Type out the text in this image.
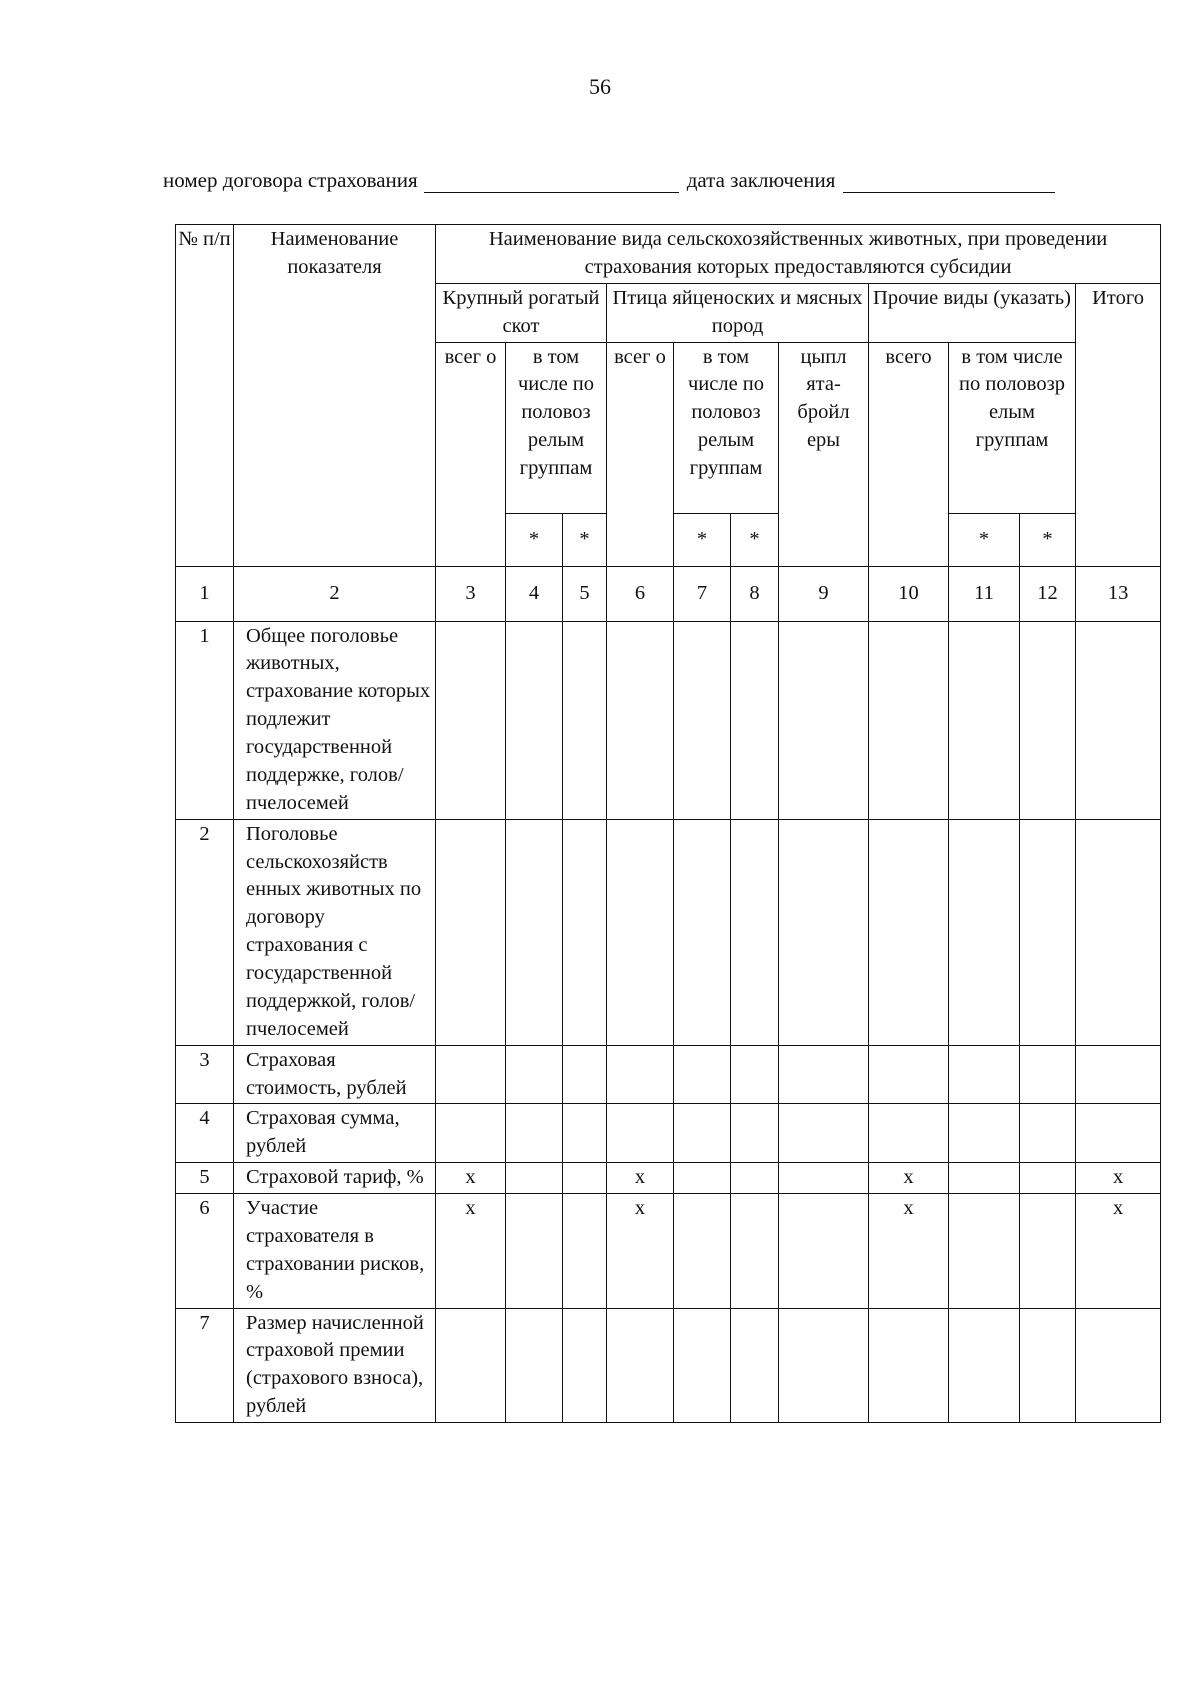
56
номер договора страхования	дата заключения
№ п/п	Наименование показателя	Наименование вида сельскохозяйственных животных, при проведении страхования которых предоставляются субсидии										
		Крупный рогатый скот			Птица яйценоских и мясных пород				Прочие виды (указать)			Итого
		всег о	в том числе по половоз релым группам		всег о	в том числе по половоз релым группам		цыпл ята-бройл еры	всего	в том числе по половозр елым группам		
			*	*		*	*			*	*	
1	2	3	4	5	6	7	8	9	10	11	12	13
1	Общее поголовье животных, страхование которых подлежит государственной поддержке, голов/пчелосемей											
2	Поголовье сельскохозяйств енных животных по договору страхования с государственной поддержкой, голов/пчелосемей											
3	Страховая стоимость, рублей											
4	Страховая сумма, рублей											
5	Страховой тариф, %	x			x				x			x
6	Участие страхователя в страховании рисков, %	x			x				x			x
7	Размер начисленной страховой премии (страхового взноса), рублей											
